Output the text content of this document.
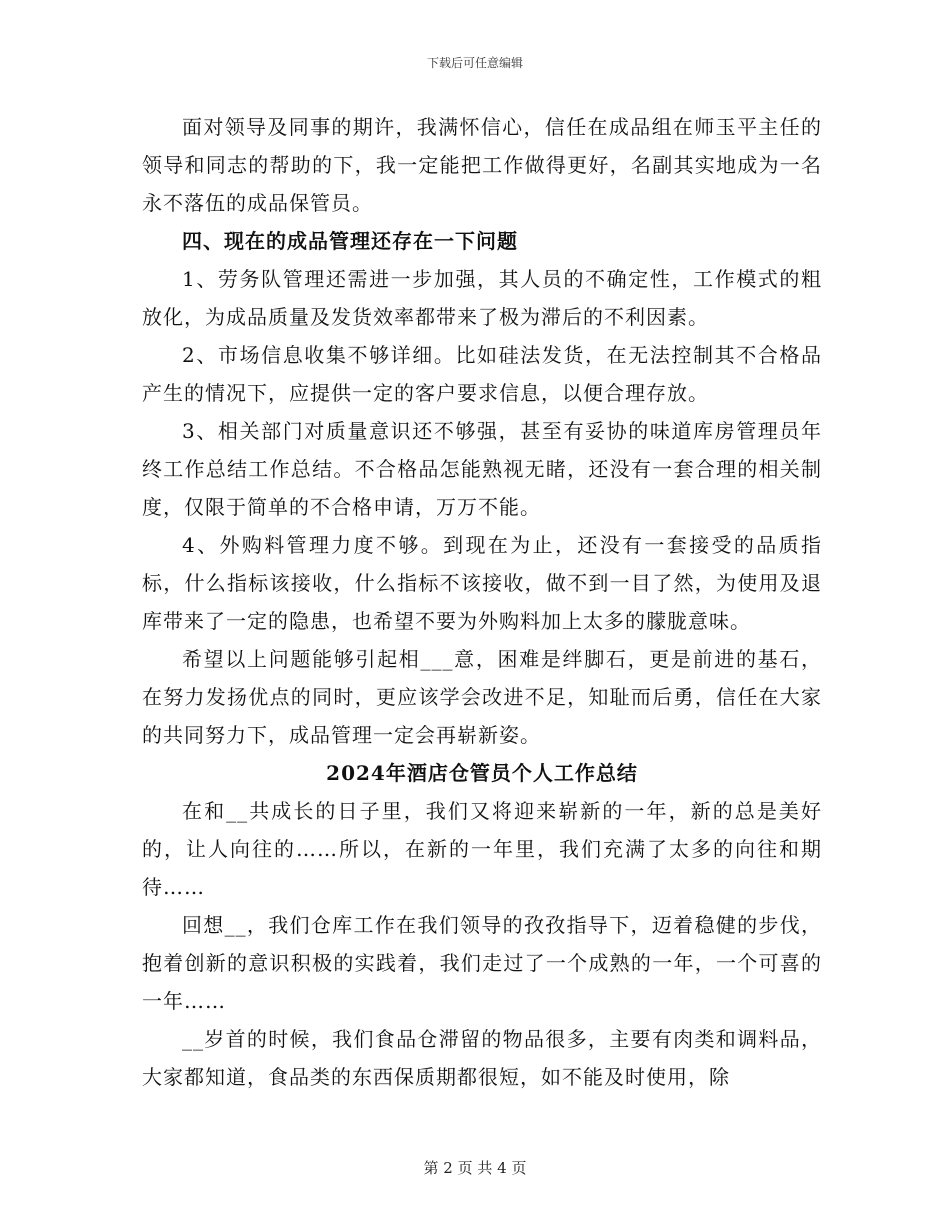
下载后可任意编辑

面对领导及同事的期许，我满怀信心，信任在成品组在师玉平主任的领导和同志的帮助的下，我一定能把工作做得更好，名副其实地成为一名永不落伍的成品保管员。

四、现在的成品管理还存在一下问题

1、劳务队管理还需进一步加强，其人员的不确定性，工作模式的粗放化，为成品质量及发货效率都带来了极为滞后的不利因素。

2、市场信息收集不够详细。比如硅法发货，在无法控制其不合格品产生的情况下，应提供一定的客户要求信息，以便合理存放。

3、相关部门对质量意识还不够强，甚至有妥协的味道库房管理员年终工作总结工作总结。不合格品怎能熟视无睹，还没有一套合理的相关制度，仅限于简单的不合格申请，万万不能。

4、外购料管理力度不够。到现在为止，还没有一套接受的品质指标，什么指标该接收，什么指标不该接收，做不到一目了然，为使用及退库带来了一定的隐患，也希望不要为外购料加上太多的朦胧意味。

希望以上问题能够引起相___意，困难是绊脚石，更是前进的基石，在努力发扬优点的同时，更应该学会改进不足，知耻而后勇，信任在大家的共同努力下，成品管理一定会再崭新姿。

2024年酒店仓管员个人工作总结

在和__共成长的日子里，我们又将迎来崭新的一年，新的总是美好的，让人向往的……所以，在新的一年里，我们充满了太多的向往和期待……

回想__，我们仓库工作在我们领导的孜孜指导下，迈着稳健的步伐，抱着创新的意识积极的实践着，我们走过了一个成熟的一年，一个可喜的一年……

__岁首的时候，我们食品仓滞留的物品很多，主要有肉类和调料品，大家都知道，食品类的东西保质期都很短，如不能及时使用，除

第 2 页 共 4 页
